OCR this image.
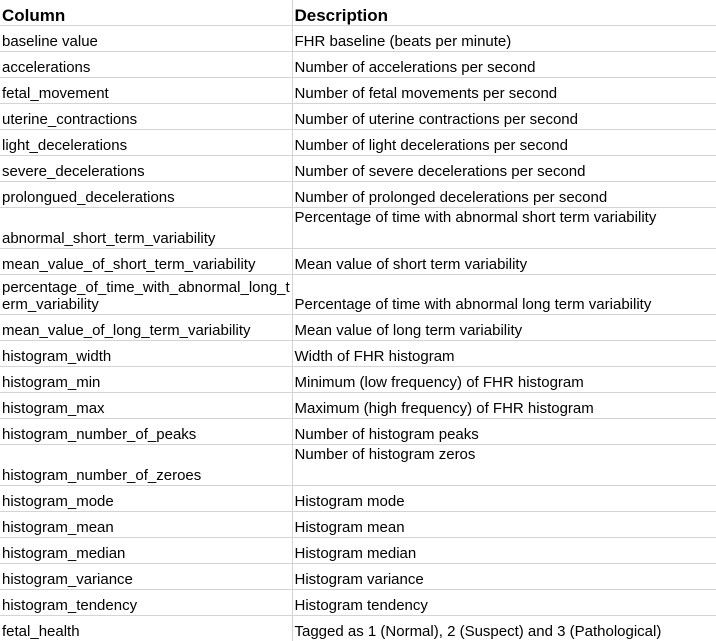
Column	Description
baseline value	FHR baseline (beats per minute)
accelerations	Number of accelerations per second
fetal_movement	Number of fetal movements per second
uterine_contractions	Number of uterine contractions per second
light_decelerations	Number of light decelerations per second
severe_decelerations	Number of severe decelerations per second
prolongued_decelerations	Number of prolonged decelerations per second
abnormal_short_term_variability	Percentage of time with abnormal short term variability
mean_value_of_short_term_variability	Mean value of short term variability
percentage_of_time_with_abnormal_long_term_variability	Percentage of time with abnormal long term variability
mean_value_of_long_term_variability	Mean value of long term variability
histogram_width	Width of FHR histogram
histogram_min	Minimum (low frequency) of FHR histogram
histogram_max	Maximum (high frequency) of FHR histogram
histogram_number_of_peaks	Number of histogram peaks
histogram_number_of_zeroes	Number of histogram zeros
histogram_mode	Histogram mode
histogram_mean	Histogram mean
histogram_median	Histogram median
histogram_variance	Histogram variance
histogram_tendency	Histogram tendency
fetal_health	Tagged as 1 (Normal), 2 (Suspect) and 3 (Pathological)
